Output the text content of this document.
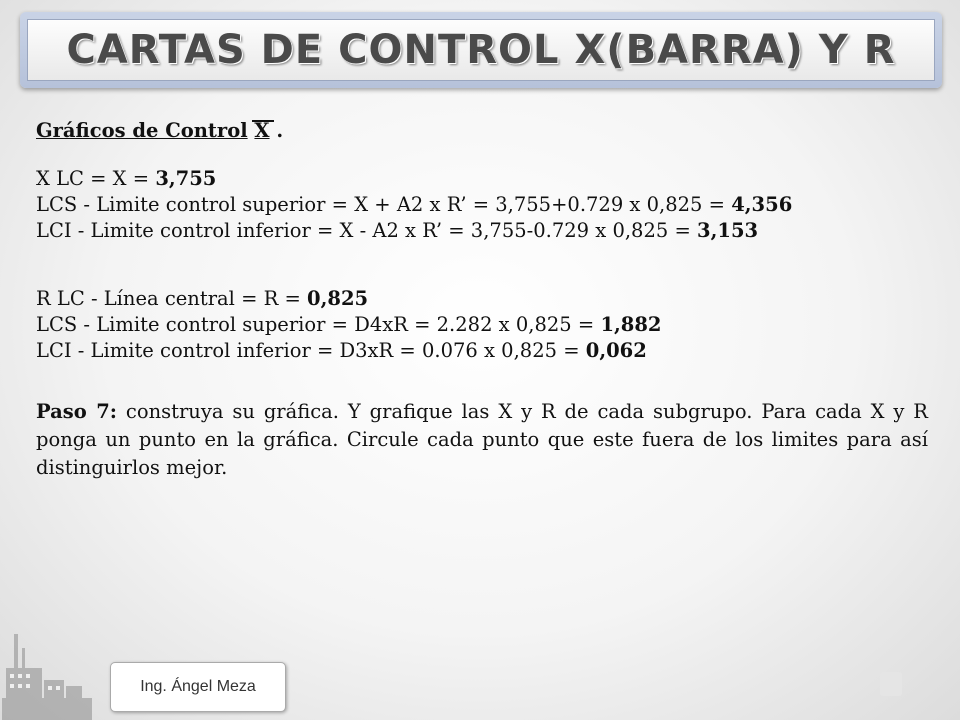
CARTAS DE CONTROL X(BARRA) Y R
Gráficos de Control X .
X LC = X = 3,755
LCS - Limite control superior = X + A2 x R’ = 3,755+0.729 x 0,825 = 4,356
LCI - Limite control inferior = X - A2 x R’ = 3,755-0.729 x 0,825 = 3,153
R LC - Línea central = R = 0,825
LCS - Limite control superior = D4xR = 2.282 x 0,825 = 1,882
LCI - Limite control inferior = D3xR = 0.076 x 0,825 = 0,062
Paso 7: construya su gráfica. Y grafique las X y R de cada subgrupo. Para cada X y R ponga un punto en la gráfica. Circule cada punto que este fuera de los limites para así distinguirlos mejor.
Ing. Ángel Meza
